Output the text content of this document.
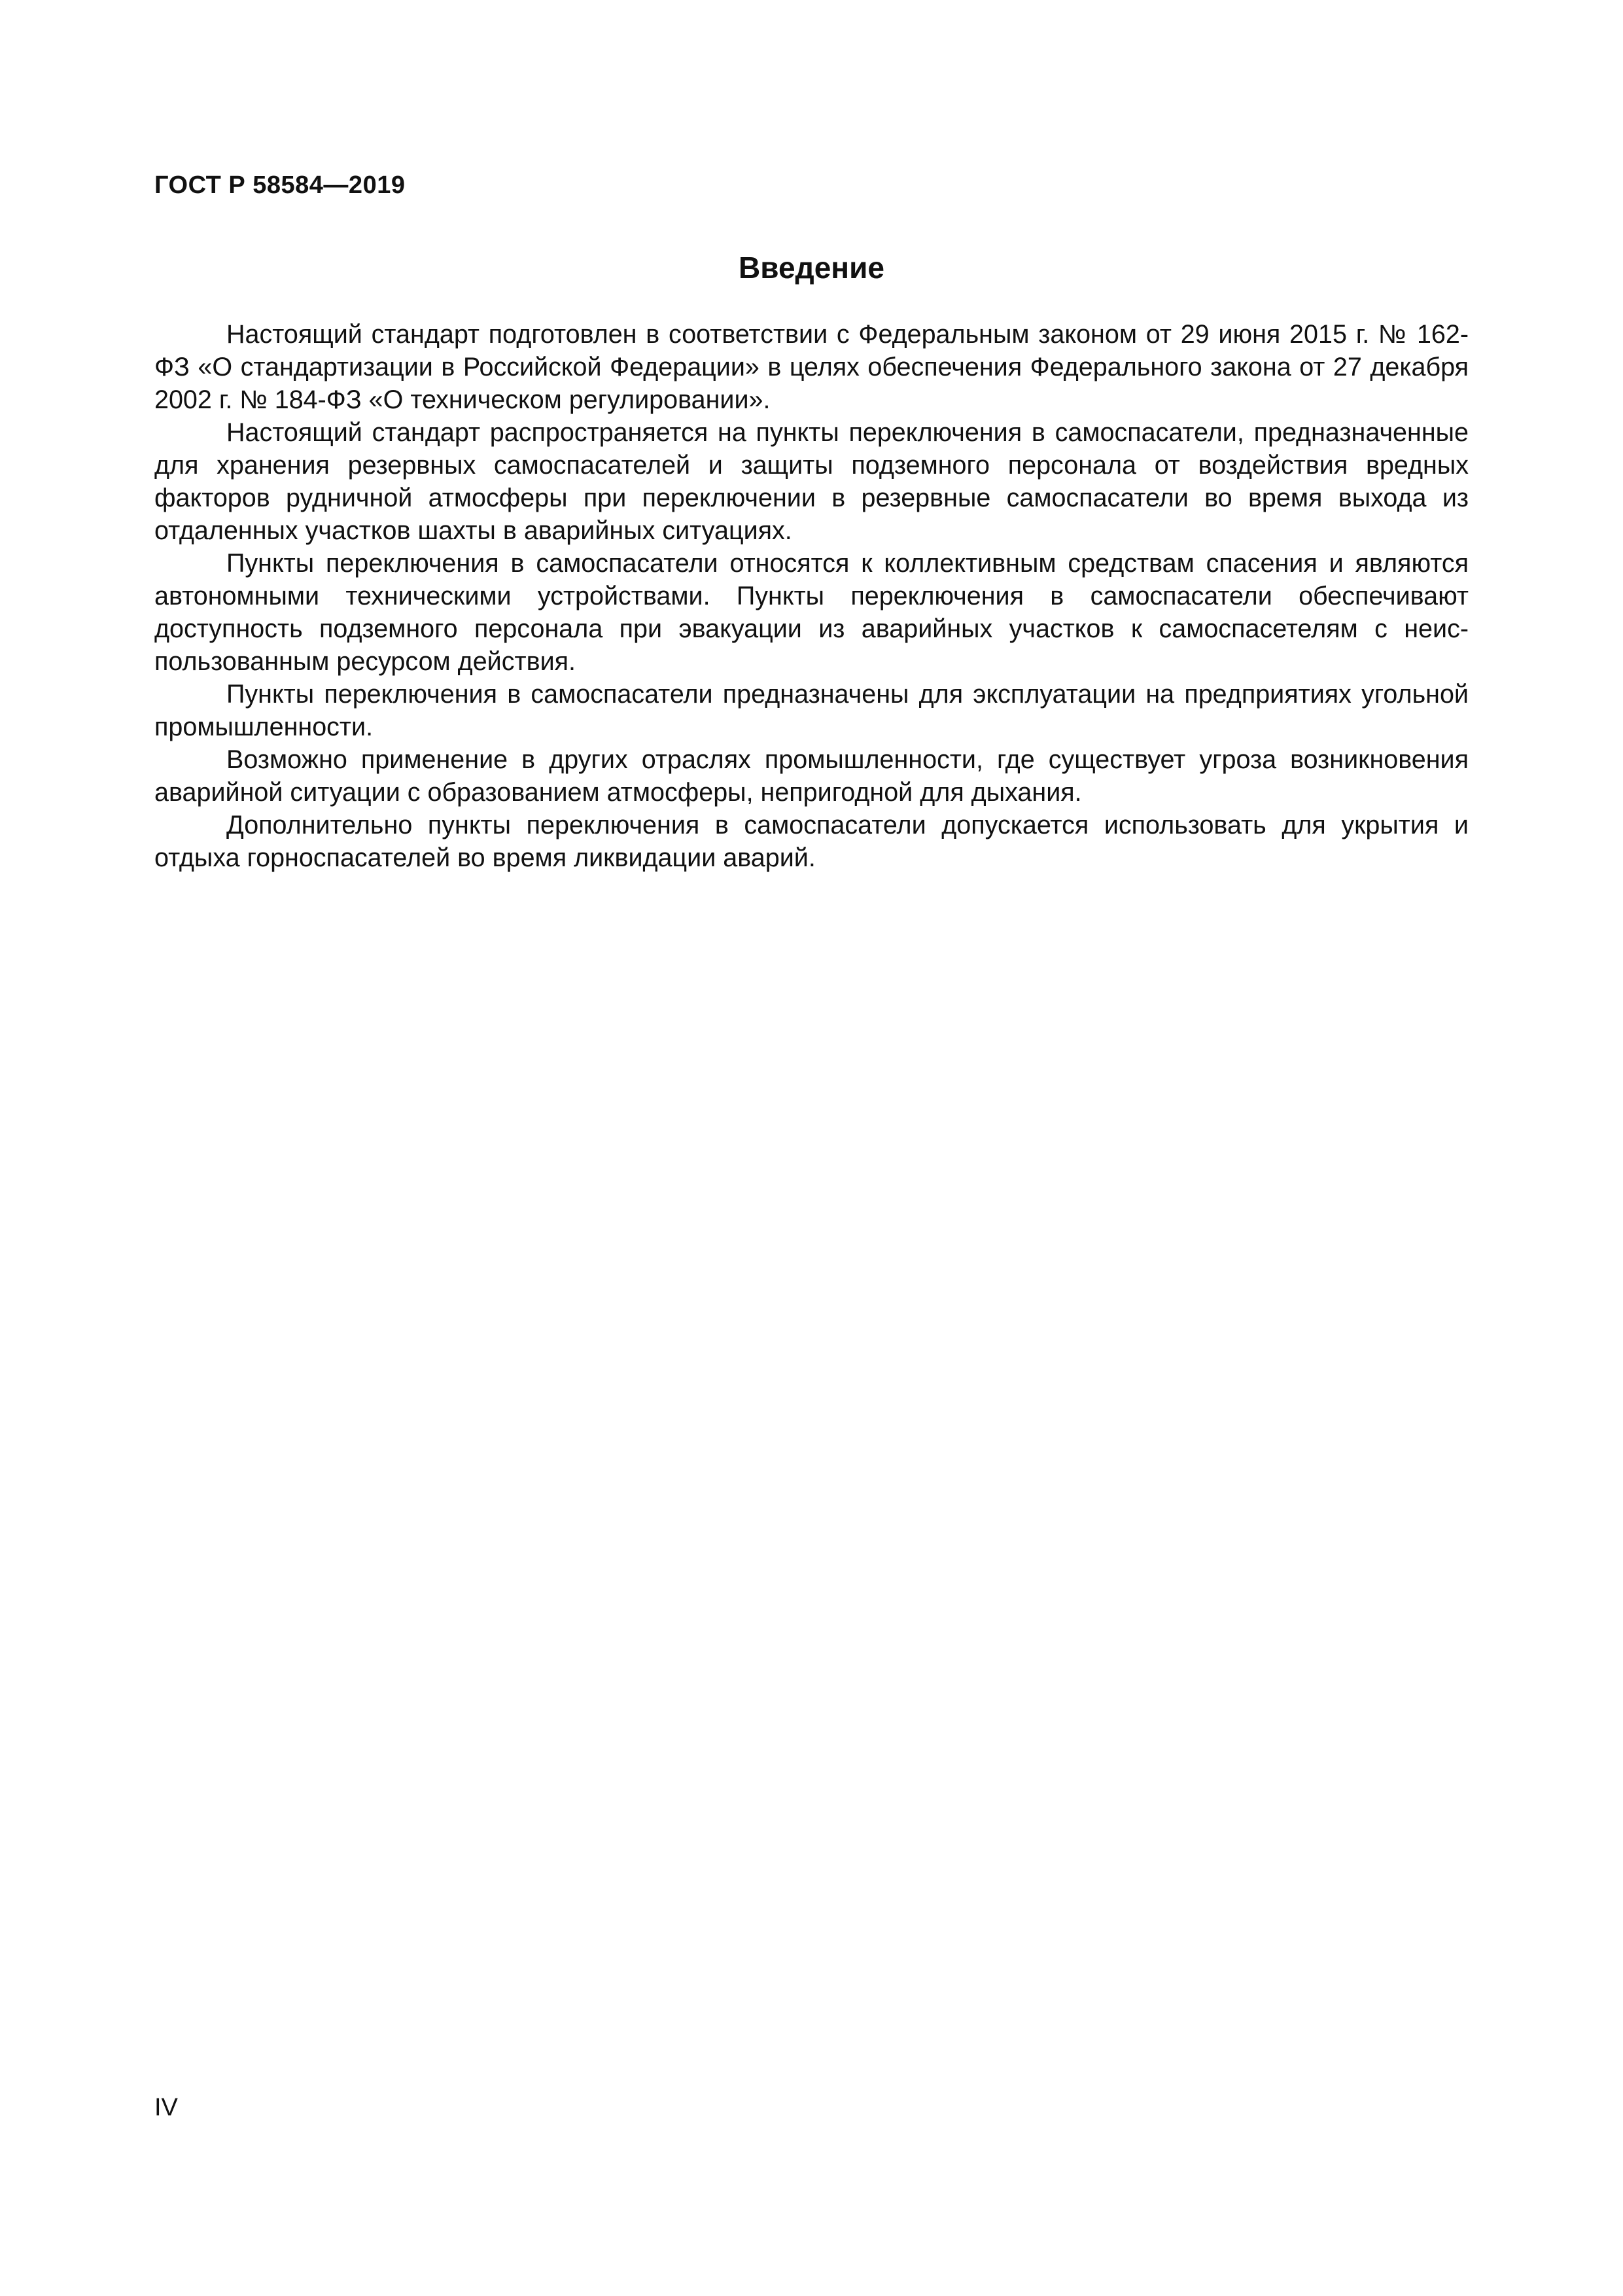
ГОСТ Р 58584—2019
Введение

Настоящий стандарт подготовлен в соответствии с Федеральным законом от 29 июня 2015 г. № 162-ФЗ «О стандартизации в Российской Федерации» в целях обеспечения Федерального закона от 27 декабря 2002 г. № 184-ФЗ «О техническом регулировании».

Настоящий стандарт распространяется на пункты переключения в самоспасатели, предназначенные для хранения резервных самоспасателей и защиты подземного персонала от воздействия вредных факторов рудничной атмосферы при переключении в резервные самоспасатели во время выхода из отдаленных участков шахты в аварийных ситуациях.

Пункты переключения в самоспасатели относятся к коллективным средствам спасения и являются автономными техническими устройствами. Пункты переключения в самоспасатели обеспечивают доступность подземного персонала при эвакуации из аварийных участков к самоспасетелям с неиспользованным ресурсом действия.

Пункты переключения в самоспасатели предназначены для эксплуатации на предприятиях угольной промышленности.

Возможно применение в других отраслях промышленности, где существует угроза возникновения аварийной ситуации с образованием атмосферы, непригодной для дыхания.

Дополнительно пункты переключения в самоспасатели допускается использовать для укрытия и отдыха горноспасателей во время ликвидации аварий.

IV
